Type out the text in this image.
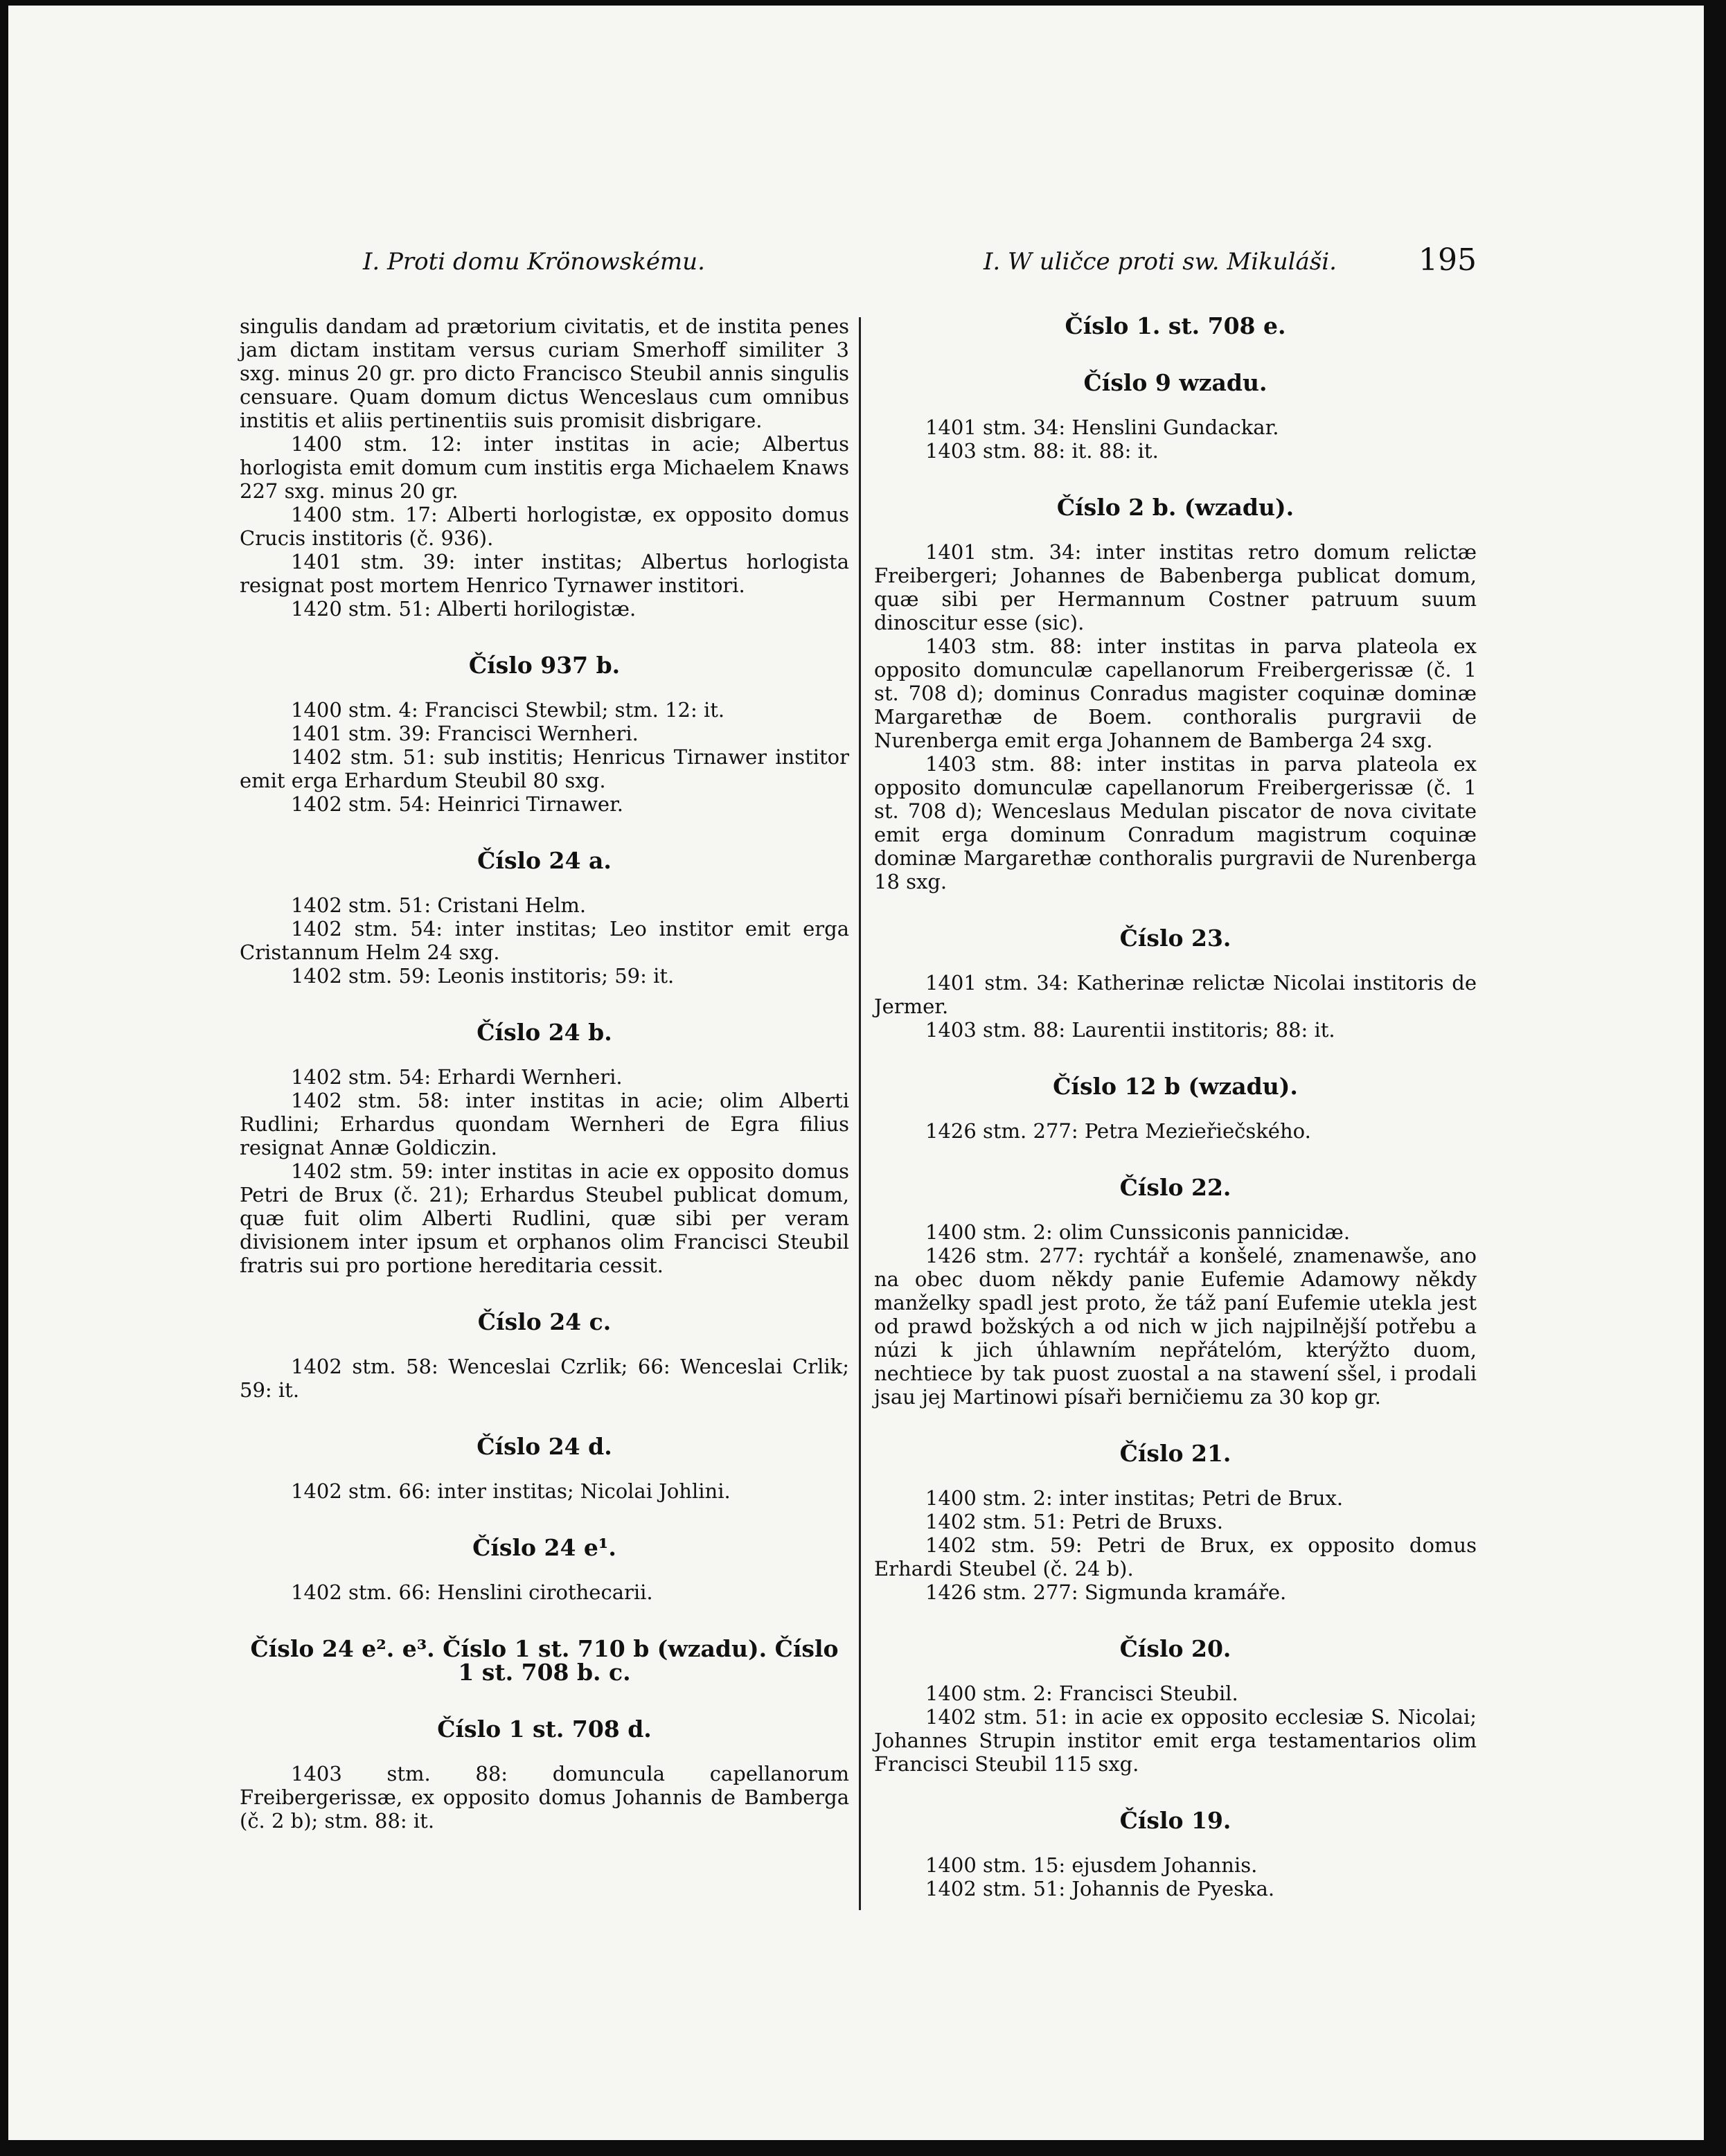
I. Proti domu Krönowskému.	I. W uličce proti sw. Mikuláši.	195

singulis dandam ad prætorium civitatis, et de institа penes jam dictam institam versus curiam Smerhoff similiter 3 sxg. minus 20 gr. pro dicto Francisco Steubil annis singulis censuare. Quam domum dictus Wenceslaus cum omnibus institis et aliis pertinentiis suis promisit disbrigare.

1400 stm. 12: inter institas in acie; Albertus horlogista emit domum cum institis erga Michaelem Knaws 227 sxg. minus 20 gr.

1400 stm. 17: Alberti horlogistæ, ex opposito domus Crucis institoris (č. 936).

1401 stm. 39: inter institas; Albertus horlogista resignat post mortem Henrico Tyrnawer institori.

1420 stm. 51: Alberti horilogistæ.

Číslo 937 b.

1400 stm. 4: Francisci Stewbil; stm. 12: it.

1401 stm. 39: Francisci Wernheri.

1402 stm. 51: sub institis; Henricus Tirnawer institor emit erga Erhardum Steubil 80 sxg.

1402 stm. 54: Heinrici Tirnawer.

Číslo 24 a.

1402 stm. 51: Cristani Helm.

1402 stm. 54: inter institas; Leo institor emit erga Cristannum Helm 24 sxg.

1402 stm. 59: Leonis institoris; 59: it.

Číslo 24 b.

1402 stm. 54: Erhardi Wernheri.

1402 stm. 58: inter institas in acie; olim Alberti Rudlini; Erhardus quondam Wernheri de Egra filius resignat Annæ Goldiczin.

1402 stm. 59: inter institas in acie ex opposito domus Petri de Brux (č. 21); Erhardus Steubel publicat domum, quæ fuit olim Alberti Rudlini, quæ sibi per veram divisionem inter ipsum et orphanos olim Francisci Steubil fratris sui pro portione hereditaria cessit.

Číslo 24 c.

1402 stm. 58: Wenceslai Czrlik; 66: Wenceslai Crlik; 59: it.

Číslo 24 d.

1402 stm. 66: inter institas; Nicolai Johlini.

Číslo 24 e¹.

1402 stm. 66: Henslini cirothecarii.

Číslo 24 e². e³. Číslo 1 st. 710 b (wzadu). Číslo 1 st. 708 b. c.

Číslo 1 st. 708 d.

1403 stm. 88: domuncula capellanorum Freibergerissæ, ex opposito domus Johannis de Bamberga (č. 2 b); stm. 88: it.

Číslo 1. st. 708 e.

Číslo 9 wzadu.

1401 stm. 34: Henslini Gundackar.

1403 stm. 88: it. 88: it.

Číslo 2 b. (wzadu).

1401 stm. 34: inter institas retro domum relictæ Freibergeri; Johannes de Babenberga publicat domum, quæ sibi per Hermannum Costner patruum suum dinoscitur esse (sic).

1403 stm. 88: inter institas in parva plateola ex opposito domunculæ capellanorum Freibergerissæ (č. 1 st. 708 d); dominus Conradus magister coquinæ dominæ Margarethæ de Boem. conthoralis purgravii de Nurenberga emit erga Johannem de Bamberga 24 sxg.

1403 stm. 88: inter institas in parva plateola ex opposito domunculæ capellanorum Freibergerissæ (č. 1 st. 708 d); Wenceslaus Medulan piscator de nova civitate emit erga dominum Conradum magistrum coquinæ dominæ Margarethæ conthoralis purgravii de Nurenberga 18 sxg.

Číslo 23.

1401 stm. 34: Katherinæ relictæ Nicolai institoris de Jermer.

1403 stm. 88: Laurentii institoris; 88: it.

Číslo 12 b (wzadu).

1426 stm. 277: Petra Mezieřiečského.

Číslo 22.

1400 stm. 2: olim Cunssiconis pannicidæ.

1426 stm. 277: rychtář a konšelé, znamenawše, ano na obec duom někdy panie Eufemie Adamowy někdy manželky spadl jest proto, že táž paní Eufemie utekla jest od prawd božských a od nich w jich najpilnější potřebu a núzi k jich úhlawním nepřátelóm, kterýžto duom, nechtiece by tak puost zuostal a na stawení sšel, i prodali jsau jej Martinowi písaři berničiemu za 30 kop gr.

Číslo 21.

1400 stm. 2: inter institas; Petri de Brux.

1402 stm. 51: Petri de Bruxs.

1402 stm. 59: Petri de Brux, ex opposito domus Erhardi Steubel (č. 24 b).

1426 stm. 277: Sigmunda kramáře.

Číslo 20.

1400 stm. 2: Francisci Steubil.

1402 stm. 51: in acie ex opposito ecclesiæ S. Nicolai; Johannes Strupin institor emit erga testamentarios olim Francisci Steubil 115 sxg.

Číslo 19.

1400 stm. 15: ejusdem Johannis.

1402 stm. 51: Johannis de Pyeska.
